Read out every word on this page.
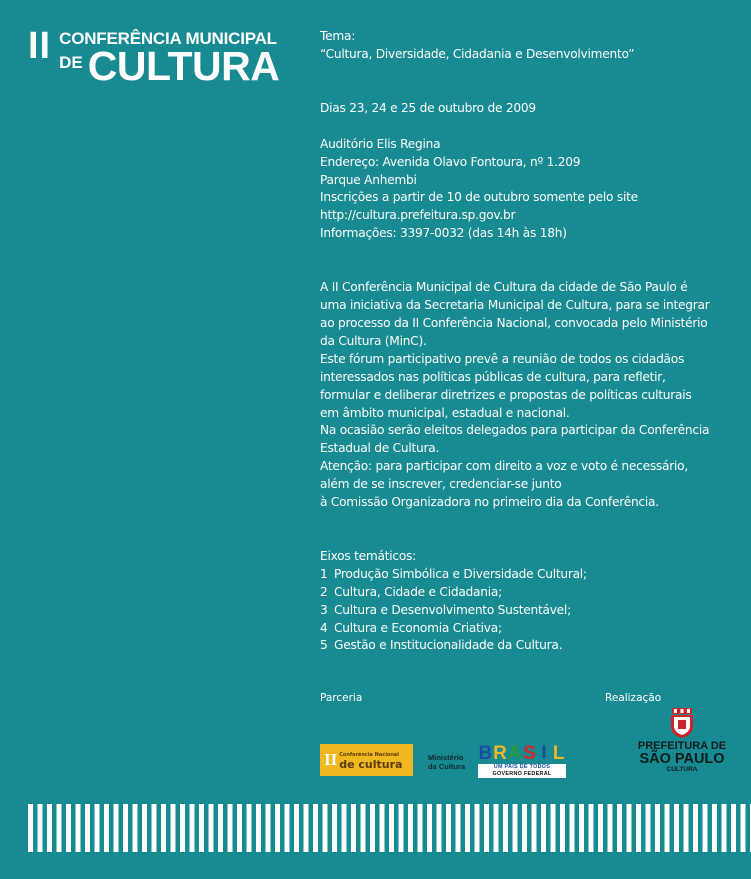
II CONFERÊNCIA MUNICIPAL
DE CULTURA

Tema:

“Cultura, Diversidade, Cidadania e Desenvolvimento”

Dias 23, 24 e 25 de outubro de 2009

Auditório Elis Regina

Endereço: Avenida Olavo Fontoura, nº 1.209

Parque Anhembi

Inscrições a partir de 10 de outubro somente pelo site

http://cultura.prefeitura.sp.gov.br

Informações: 3397-0032 (das 14h às 18h)

A II Conferência Municipal de Cultura da cidade de São Paulo é

uma iniciativa da Secretaria Municipal de Cultura, para se integrar

ao processo da II Conferência Nacional, convocada pelo Ministério

da Cultura (MinC).

Este fórum participativo prevê a reunião de todos os cidadãos

interessados nas políticas públicas de cultura, para refletir,

formular e deliberar diretrizes e propostas de políticas culturais

em âmbito municipal, estadual e nacional.

Na ocasião serão eleitos delegados para participar da Conferência

Estadual de Cultura.

Atenção: para participar com direito a voz e voto é necessário,

além de se inscrever, credenciar-se junto

à Comissão Organizadora no primeiro dia da Conferência.

Eixos temáticos:

1 Produção Simbólica e Diversidade Cultural;
2 Cultura, Cidade e Cidadania;
3 Cultura e Desenvolvimento Sustentável;
4 Cultura e Economia Criativa;
5 Gestão e Institucionalidade da Cultura.
Parceria	Realização
II Conferência Nacional
de cultura
Ministério
da Cultura
B R A S I L
UM PAÍS DE TODOS
GOVERNO FEDERAL
PREFEITURA DE
SÃO PAULO
CULTURA
